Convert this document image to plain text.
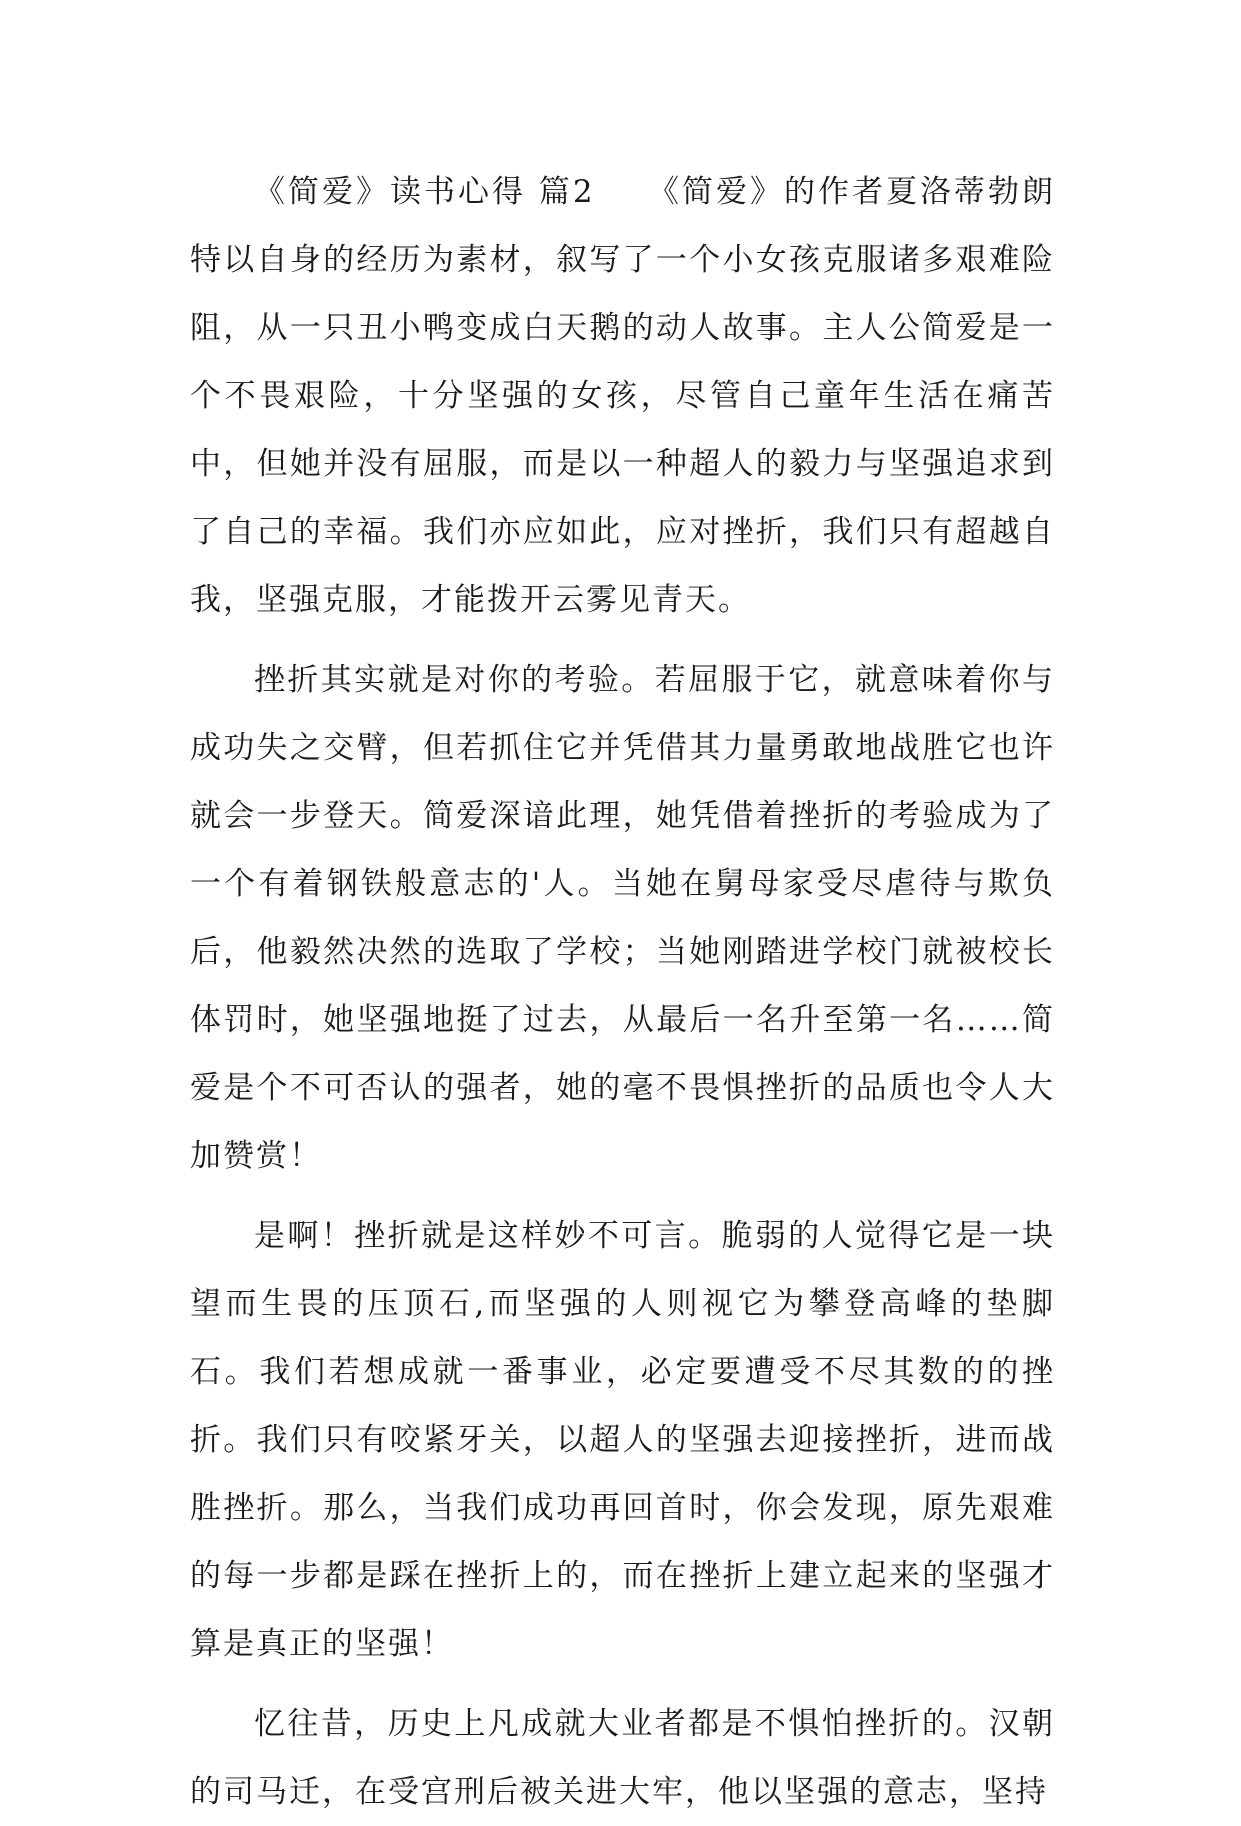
《简爱》读书心得 篇2　　《简爱》的作者夏洛蒂勃朗特以自身的经历为素材，叙写了一个小女孩克服诸多艰难险阻，从一只丑小鸭变成白天鹅的动人故事。主人公简爱是一个不畏艰险，十分坚强的女孩，尽管自己童年生活在痛苦中，但她并没有屈服，而是以一种超人的毅力与坚强追求到了自己的幸福。我们亦应如此，应对挫折，我们只有超越自我，坚强克服，才能拨开云雾见青天。

挫折其实就是对你的考验。若屈服于它，就意味着你与成功失之交臂，但若抓住它并凭借其力量勇敢地战胜它也许就会一步登天。简爱深谙此理，她凭借着挫折的考验成为了一个有着钢铁般意志的'人。当她在舅母家受尽虐待与欺负后，他毅然决然的选取了学校；当她刚踏进学校门就被校长体罚时，她坚强地挺了过去，从最后一名升至第一名……简爱是个不可否认的强者，她的毫不畏惧挫折的品质也令人大加赞赏！

是啊！挫折就是这样妙不可言。脆弱的人觉得它是一块望而生畏的压顶石,而坚强的人则视它为攀登高峰的垫脚石。我们若想成就一番事业，必定要遭受不尽其数的的挫折。我们只有咬紧牙关，以超人的坚强去迎接挫折，进而战胜挫折。那么，当我们成功再回首时，你会发现，原先艰难的每一步都是踩在挫折上的，而在挫折上建立起来的坚强才算是真正的坚强！

忆往昔，历史上凡成就大业者都是不惧怕挫折的。汉朝的司马迁，在受宫刑后被关进大牢，他以坚强的意志，坚持
